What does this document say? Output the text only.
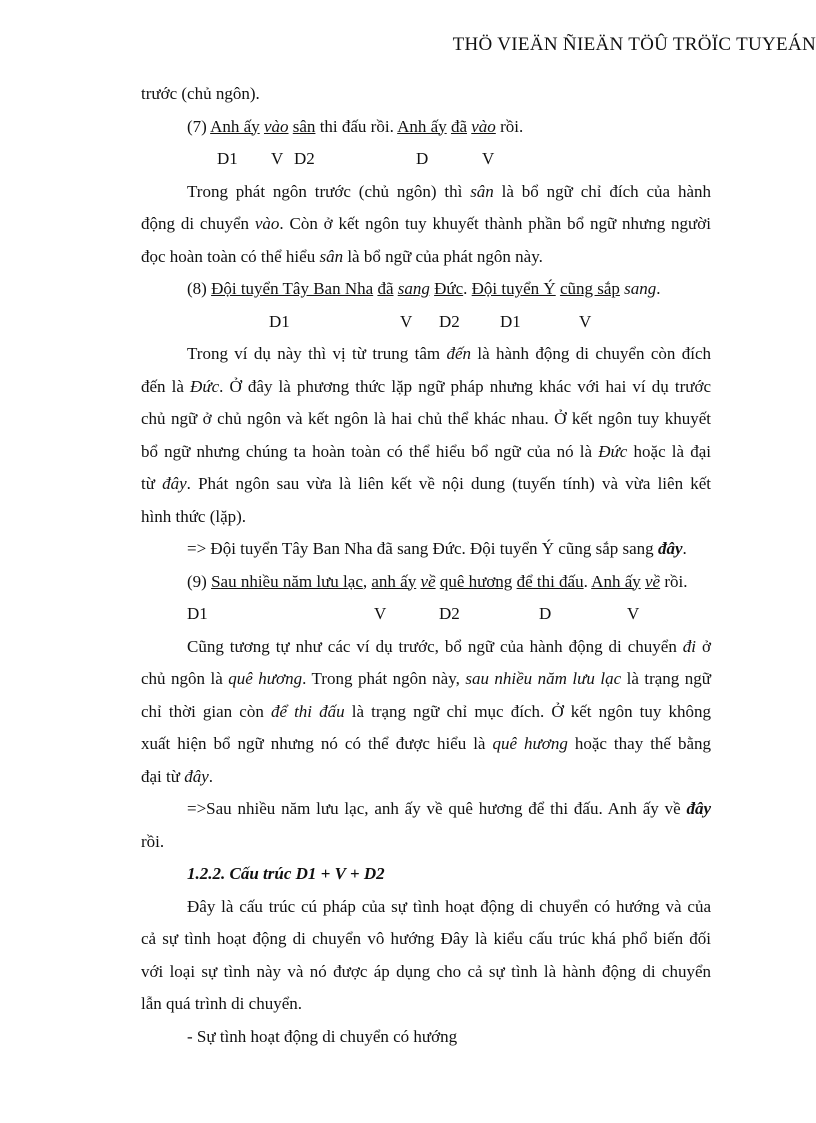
THÖ VIEÄN ÑIEÄN TÖÛ TRÖÏC TUYEÁN
trước (chủ ngôn).
(7) Anh ấy vào sân thi đấu rồi. Anh ấy đã vào rồi.
D1 V D2	D	V
Trong phát ngôn trước (chủ ngôn) thì sân là bổ ngữ chỉ đích của hành
động di chuyển vào. Còn ở kết ngôn tuy khuyết thành phần bổ ngữ nhưng người
đọc hoàn toàn có thể hiểu sân là bổ ngữ của phát ngôn này.
(8) Đội tuyển Tây Ban Nha đã sang Đức. Đội tuyển Ý cũng sắp sang.
D1	V D2 D1	V
Trong ví dụ này thì vị từ trung tâm đến là hành động di chuyển còn đích
đến là Đức. Ở đây là phương thức lặp ngữ pháp nhưng khác với hai ví dụ trước
chủ ngữ ở chủ ngôn và kết ngôn là hai chủ thể khác nhau. Ở kết ngôn tuy khuyết
bổ ngữ nhưng chúng ta hoàn toàn có thể hiểu bổ ngữ của nó là Đức hoặc là đại
từ đây. Phát ngôn sau vừa là liên kết về nội dung (tuyến tính) và vừa liên kết
hình thức (lặp).
=> Đội tuyển Tây Ban Nha đã sang Đức. Đội tuyển Ý cũng sắp sang đây.
(9) Sau nhiều năm lưu lạc, anh ấy về quê hương để thi đấu. Anh ấy về rồi.
D1	V	D2	D	V
Cũng tương tự như các ví dụ trước, bổ ngữ của hành động di chuyển đi ở
chủ ngôn là quê hương. Trong phát ngôn này, sau nhiều năm lưu lạc là trạng ngữ
chỉ thời gian còn để thi đấu là trạng ngữ chỉ mục đích. Ở kết ngôn tuy không
xuất hiện bổ ngữ nhưng nó có thể được hiểu là quê hương hoặc thay thế bằng
đại từ đây.
=>Sau nhiều năm lưu lạc, anh ấy về quê hương để thi đấu. Anh ấy về đây
rồi.
1.2.2. Cấu trúc D1 + V + D2
Đây là cấu trúc cú pháp của sự tình hoạt động di chuyển có hướng và của
cả sự tình hoạt động di chuyển vô hướng Đây là kiểu cấu trúc khá phổ biến đối
với loại sự tình này và nó được áp dụng cho cả sự tình là hành động di chuyển
lẫn quá trình di chuyển.
- Sự tình hoạt động di chuyển có hướng
